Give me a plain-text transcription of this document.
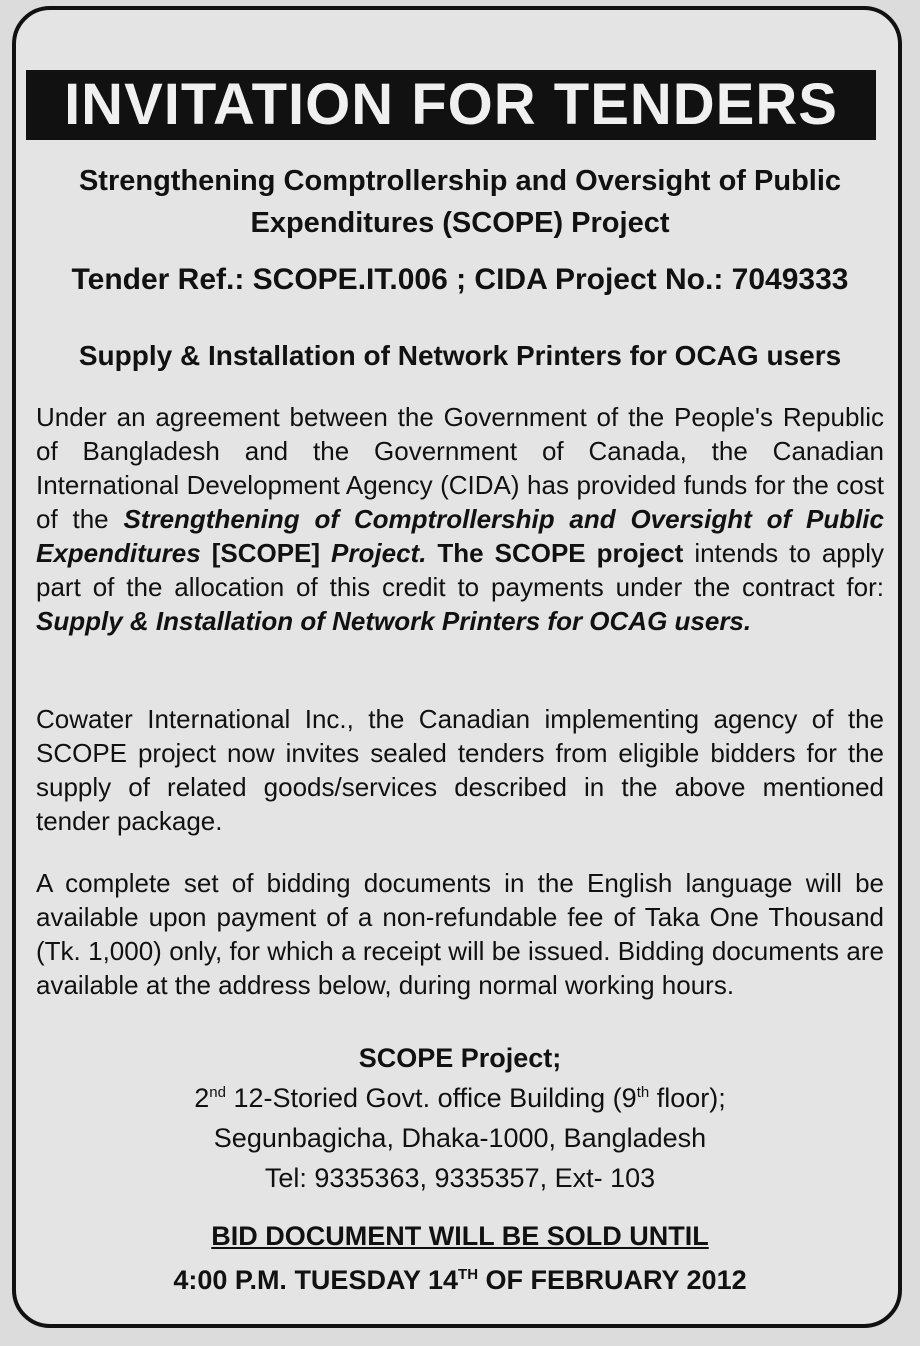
INVITATION FOR TENDERS
Strengthening Comptrollership and Oversight of Public
Expenditures (SCOPE) Project
Tender Ref.: SCOPE.IT.006 ; CIDA Project No.: 7049333
Supply & Installation of Network Printers for OCAG users
Under an agreement between the Government of the People's Republic of Bangladesh and the Government of Canada, the Canadian International Development Agency (CIDA) has provided funds for the cost of the Strengthening of Comptrollership and Oversight of Public Expenditures [SCOPE] Project. The SCOPE project intends to apply part of the allocation of this credit to payments under the contract for: Supply & Installation of Network Printers for OCAG users.
Cowater International Inc., the Canadian implementing agency of the SCOPE project now invites sealed tenders from eligible bidders for the supply of related goods/services described in the above mentioned tender package.
A complete set of bidding documents in the English language will be available upon payment of a non-refundable fee of Taka One Thousand (Tk. 1,000) only, for which a receipt will be issued. Bidding documents are available at the address below, during normal working hours.
SCOPE Project;
2nd 12-Storied Govt. office Building (9th floor);
Segunbagicha, Dhaka-1000, Bangladesh
Tel: 9335363, 9335357, Ext- 103
BID DOCUMENT WILL BE SOLD UNTIL
4:00 P.M. TUESDAY 14TH OF FEBRUARY 2012
